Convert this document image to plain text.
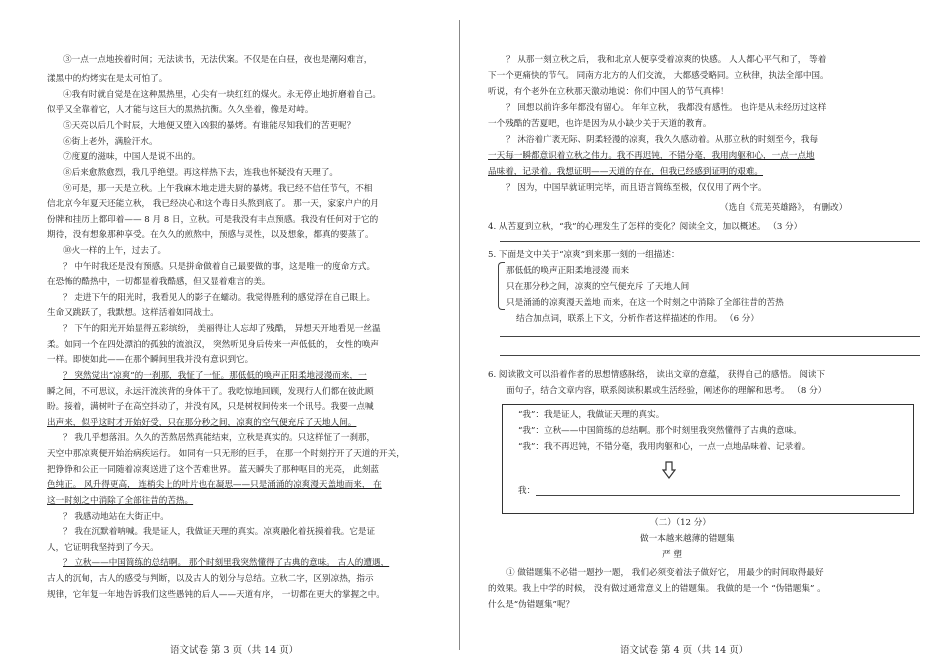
③一点一点地挨着时间；无法读书，无法伏案。不仅是在白昼，夜也是潮闷难言，
漾黑中的灼烤实在是太可怕了。
④我有时就自觉是在这种黑热里，心尖有一块红红的煤火。永无停止地折磨着自己。
似乎又全靠着它，人才能与这巨大的黑热抗衡。久久坐着，像是对峙。
⑤天亮以后几个时辰，大地便又堕入凶狠的暴烤。有谁能尽知我们的苦更呢？
⑥街上老外，满脸汗水。
⑦度夏的滋味，中国人是说不出的。
⑧后来愈熬愈烈，我几乎绝望。再这样热下去，连我也怀疑没有天理了。
⑨可是，那一天是立秋。上午我麻木地走进夫厨的暴烤。我已经不信任节气，不相
信北京今年夏天还能立秋， 我已经决心和这个毒日头熬到底了。 那一天，家家户户的月
份牌和挂历上都印着—— 8 月 8 日，立秋。可是我没有丰点预感。我没有任何对于它的
期待，没有想象那种享受。在久久的煎熬中，预感与灵性，以及想象，都真的要蒸了。
⑩火一样的上午，过去了。
？ 中午时我还是没有预感。只是拼命做着自己最要做的事，这是唯一的度命方式。
在恐怖的酷热中，一切都显着我酷感，但又显着难言的美。
？ 走进下午的阳光时，我看见人的影子在蠕动。我觉得胜利的感觉浮在自己眼上。
生命又跳跃了，我默想。这样活着如同战士。
？ 下午的阳光开始显得五彩缤纷， 美丽得让人忘却了残酷， 异想天开地看见一丝温
柔。如同一个在四处漂泊的孤独的流浪汉， 突然听见身后传来一声低低的， 女性的唤声
一样。即使如此——在那个瞬间里我并没有意识到它。
？ 突然觉出“凉爽”的一刹那，我怔了一怔。那低低的唤声正阳柔地浸漫而来，一
瞬之间，不可思议，永远汗流浃背的身体干了。我吃惊地回顾，发现行人们都在彼此顾
盼。接着，满树叶子在高空抖动了，并没有风，只是树杈间传来一个讯号。我要一点喊
出声来，似乎这时才开始好受，只在那分秒之间，凉爽的空气便充斥了天地人间。
？ 我几乎想落泪。久久的苦熬居然真能结束，立秋是真实的。只这样怔了一刹那，
天空中那凉爽便开始治病疾运行。 如同有一只无形的巨手， 在那一个时刻拧开了天道的开关，
把铮铮和公正一同随着凉爽送进了这个苦难世界。 蓝天瞬失了那种呕目的光亮， 此刻蓝
色纯正。 风升得更高， 连梢尖上的叶片也在凝思——只是涌涌的凉爽漫天盖地而来， 在
这一时刻之中消除了全部往昔的苦热。
？ 我感动地站在大街正中。
？ 我在沉默着呐喊。我是证人，我做证天理的真实。凉爽融化着抚摸着我。它是证
人，它证明我坚持到了今天。
？ 立秋——中国简练的总结啊。 那个时刻里我突然懂得了古典的意味。 古人的遭遇，
古人的沉甸，古人的感受与判断，以及古人的划分与总结。立秋二字，区别凉热，指示
规律，它年复一年地告诉我们这些愚钝的后人——天道有序， 一切都在更大的掌握之中。
语文试卷 第 3 页（共 14 页）
？ 从那一刻立秋之后， 我和北京人便享受着凉爽的快感。 人人都心平气和了， 等着
下一个更痛快的节气。 同南方北方的人们交流， 大都感受略同。立秋律，执法全部中国。
听说，有个老外在立秋那天激动地说：你们中国人的节气真棒！
？ 回想以前许多年都没有留心。 年年立秋， 我都没有感性。 也许是从未经历过这样
一个残酷的苦夏吧，也许是因为从小缺少关于天道的教育。
？ 沐浴着广袤无际、阴柔轻漫的凉爽，我久久感动着。从那立秋的时刻至今，我每
一天每一瞬都意识着立秋之伟力。我不再迟钝，不错分毫，我用肉躯和心，一点一点地
品味着，记录着。我想证明——天道的存在，但我已经感到证明的艰难。
？ 因为，中国早就证明完毕，而且语言简练至极，仅仅用了两个字。
（选自《荒芜英雄路》， 有删改）
4. 从苦夏到立秋，“我”的心理发生了怎样的变化？阅读全文，加以概述。 （3 分）
5. 下面是文中关于“凉爽”到来那一刻的一组描述：
那低低的唤声正阳柔地浸漫 而来
只在那分秒之间，凉爽的空气便充斥 了天地人间
只是涌涌的凉爽漫天盖地 而来，在这一个时刻之中消除了全部往昔的苦热
结合加点词，联系上下文，分析作者这样描述的作用。 （6 分）
6. 阅读散文可以沿着作者的思想情感脉络， 读出文章的意蕴， 获得自己的感悟。 阅读下
面句子，结合文章内容，联系阅读积累或生活经验，阐述你的理解和思考。 （8 分）
“我”：我是证人，我做证天理的真实。
“我”：立秋——中国简练的总结啊。那个时刻里我突然懂得了古典的意味。
“我”：我不再迟钝，不错分毫，我用肉躯和心，一点一点地品味着、记录着。
我：
（二）（12 分）
做一本越来越薄的错题集
严 塑
① 做错题集不必错一题抄一题， 我们必须变着法子做好它， 用最少的时间取得最好
的效果。我上中学的时候， 没有做过通常意义上的错题集。 我做的是一个 “伪错题集” 。
什么是“伪错题集”呢？
语文试卷 第 4 页（共 14 页）
